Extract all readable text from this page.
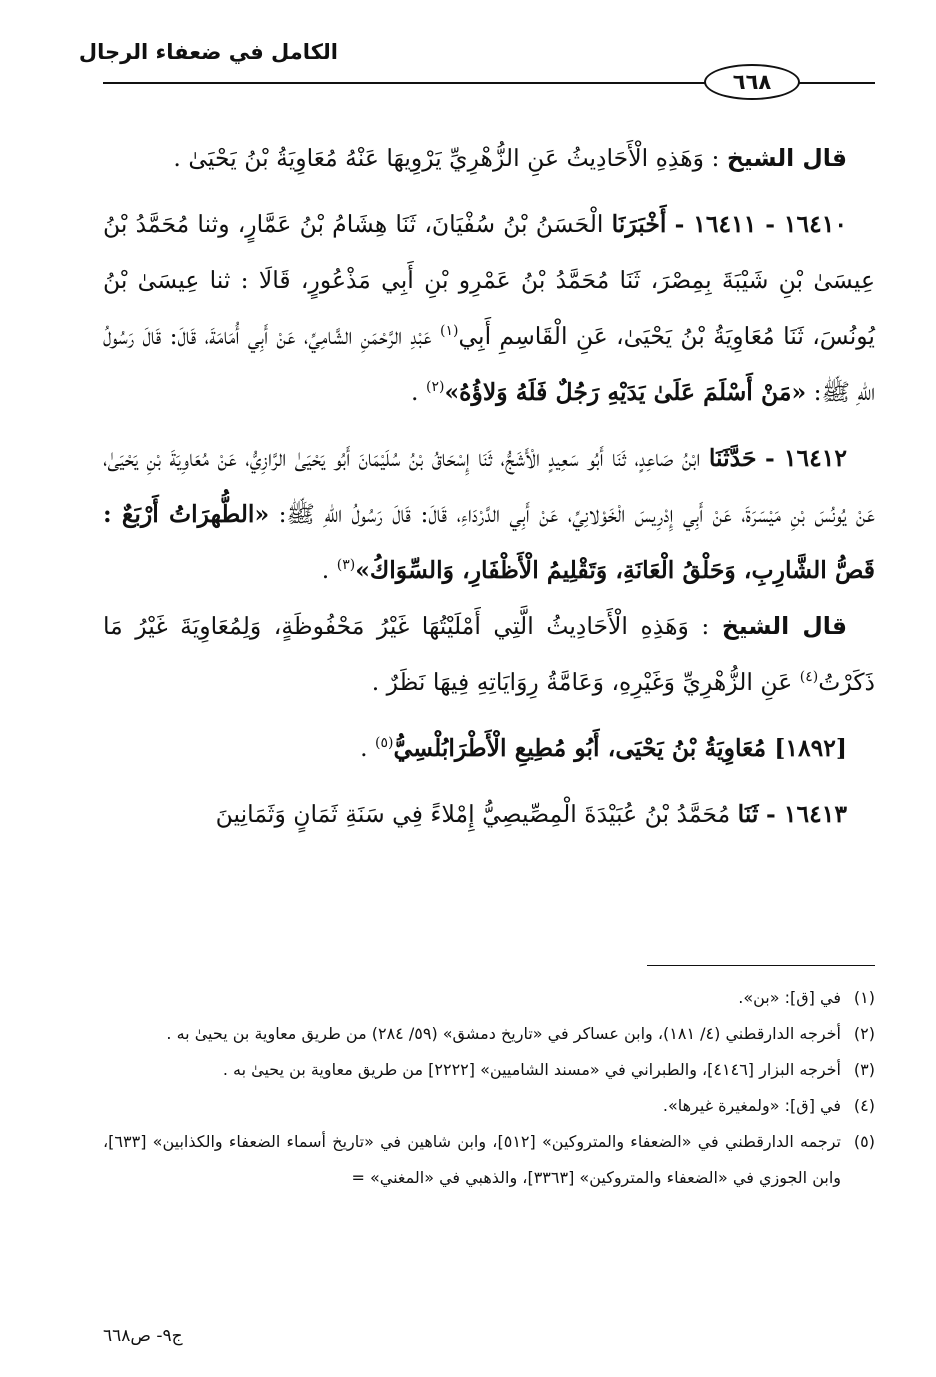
الكامل في ضعفاء الرجال
٦٦٨

قال الشيخ : وَهَذِهِ الْأَحَادِيثُ عَنِ الزُّهْرِيِّ يَرْوِيهَا عَنْهُ مُعَاوِيَةُ بْنُ يَحْيَىٰ .

١٦٤١٠ - ١٦٤١١ - أَخْبَرَنَا الْحَسَنُ بْنُ سُفْيَانَ، ثَنَا هِشَامُ بْنُ عَمَّارٍ، وثنا مُحَمَّدُ بْنُ عِيسَىٰ بْنِ شَيْبَةَ بِمِصْرَ، ثَنَا مُحَمَّدُ بْنُ عَمْرِو بْنِ أَبِي مَذْعُورٍ، قَالَا : ثنا عِيسَىٰ بْنُ يُونُسَ، ثَنَا مُعَاوِيَةُ بْنُ يَحْيَىٰ، عَنِ الْقَاسِمِ أَبِي$^{(١)}$ عَبْدِ الرَّحْمَنِ الشَّامِيِّ، عَنْ أَبِي أُمَامَةَ، قَالَ: قَالَ رَسُولُ اللهِ ﷺ: «مَنْ أَسْلَمَ عَلَىٰ يَدَيْهِ رَجُلٌ فَلَهُ وَلاؤُهُ»$^{(٢)}$ .

١٦٤١٢ - حَدَّثَنَا ابْنُ صَاعِدٍ، ثَنَا أَبُو سَعِيدٍ الْأَشَجُّ، ثَنَا إِسْحَاقُ بْنُ سُلَيْمَانَ أَبُو يَحْيَىٰ الرَّازِيُّ، عَنْ مُعَاوِيَةَ بْنِ يَحْيَىٰ، عَنْ يُونُسَ بْنِ مَيْسَرَةَ، عَنْ أَبِي إِدْرِيسَ الْخَوْلانِيِّ، عَنْ أَبِي الدَّرْدَاءِ، قَالَ: قَالَ رَسُولُ اللهِ ﷺ: «الطُّهرَاتُ أَرْبَعٌ : قَصُّ الشَّارِبِ، وَحَلْقُ الْعَانَةِ، وَتَقْلِيمُ الْأَظْفَارِ، وَالسِّوَاكُ»$^{(٣)}$ .

قال الشيخ : وَهَذِهِ الْأَحَادِيثُ الَّتِي أَمْلَيْتُهَا غَيْرُ مَحْفُوظَةٍ، وَلِمُعَاوِيَةَ غَيْرُ مَا ذَكَرْتُ$^{(٤)}$ عَنِ الزُّهْرِيِّ وَغَيْرِهِ، وَعَامَّةُ رِوَايَاتِهِ فِيهَا نَظَرٌ .

[١٨٩٢] مُعَاوِيَةُ بْنُ يَحْيَى، أَبُو مُطِيعِ الْأَطْرَابُلْسِيُّ$^{(٥)}$ .

١٦٤١٣ - ثَنَا مُحَمَّدُ بْنُ عُبَيْدَةَ الْمِصِّيصِيُّ إِمْلاءً فِي سَنَةِ ثَمَانٍ وَثَمَانِينَ

(١)
في [ق]: «بن».
(٢)
أخرجه الدارقطني (٤/ ١٨١)، وابن عساكر في «تاريخ دمشق» (٥٩/ ٢٨٤) من طريق معاوية بن يحيىٰ به .
(٣)
أخرجه البزار [٤١٤٦]، والطبراني في «مسند الشاميين» [٢٢٢٢] من طريق معاوية بن يحيىٰ به .
(٤)
في [ق]: «ولمغيرة غيرها».
(٥)
ترجمه الدارقطني في «الضعفاء والمتروكين» [٥١٢]، وابن شاهين في «تاريخ أسماء الضعفاء والكذابين» [٦٣٣]، وابن الجوزي في «الضعفاء والمتروكين» [٣٣٦٣]، والذهبي في «المغني» =
ج٩- ص٦٦٨
